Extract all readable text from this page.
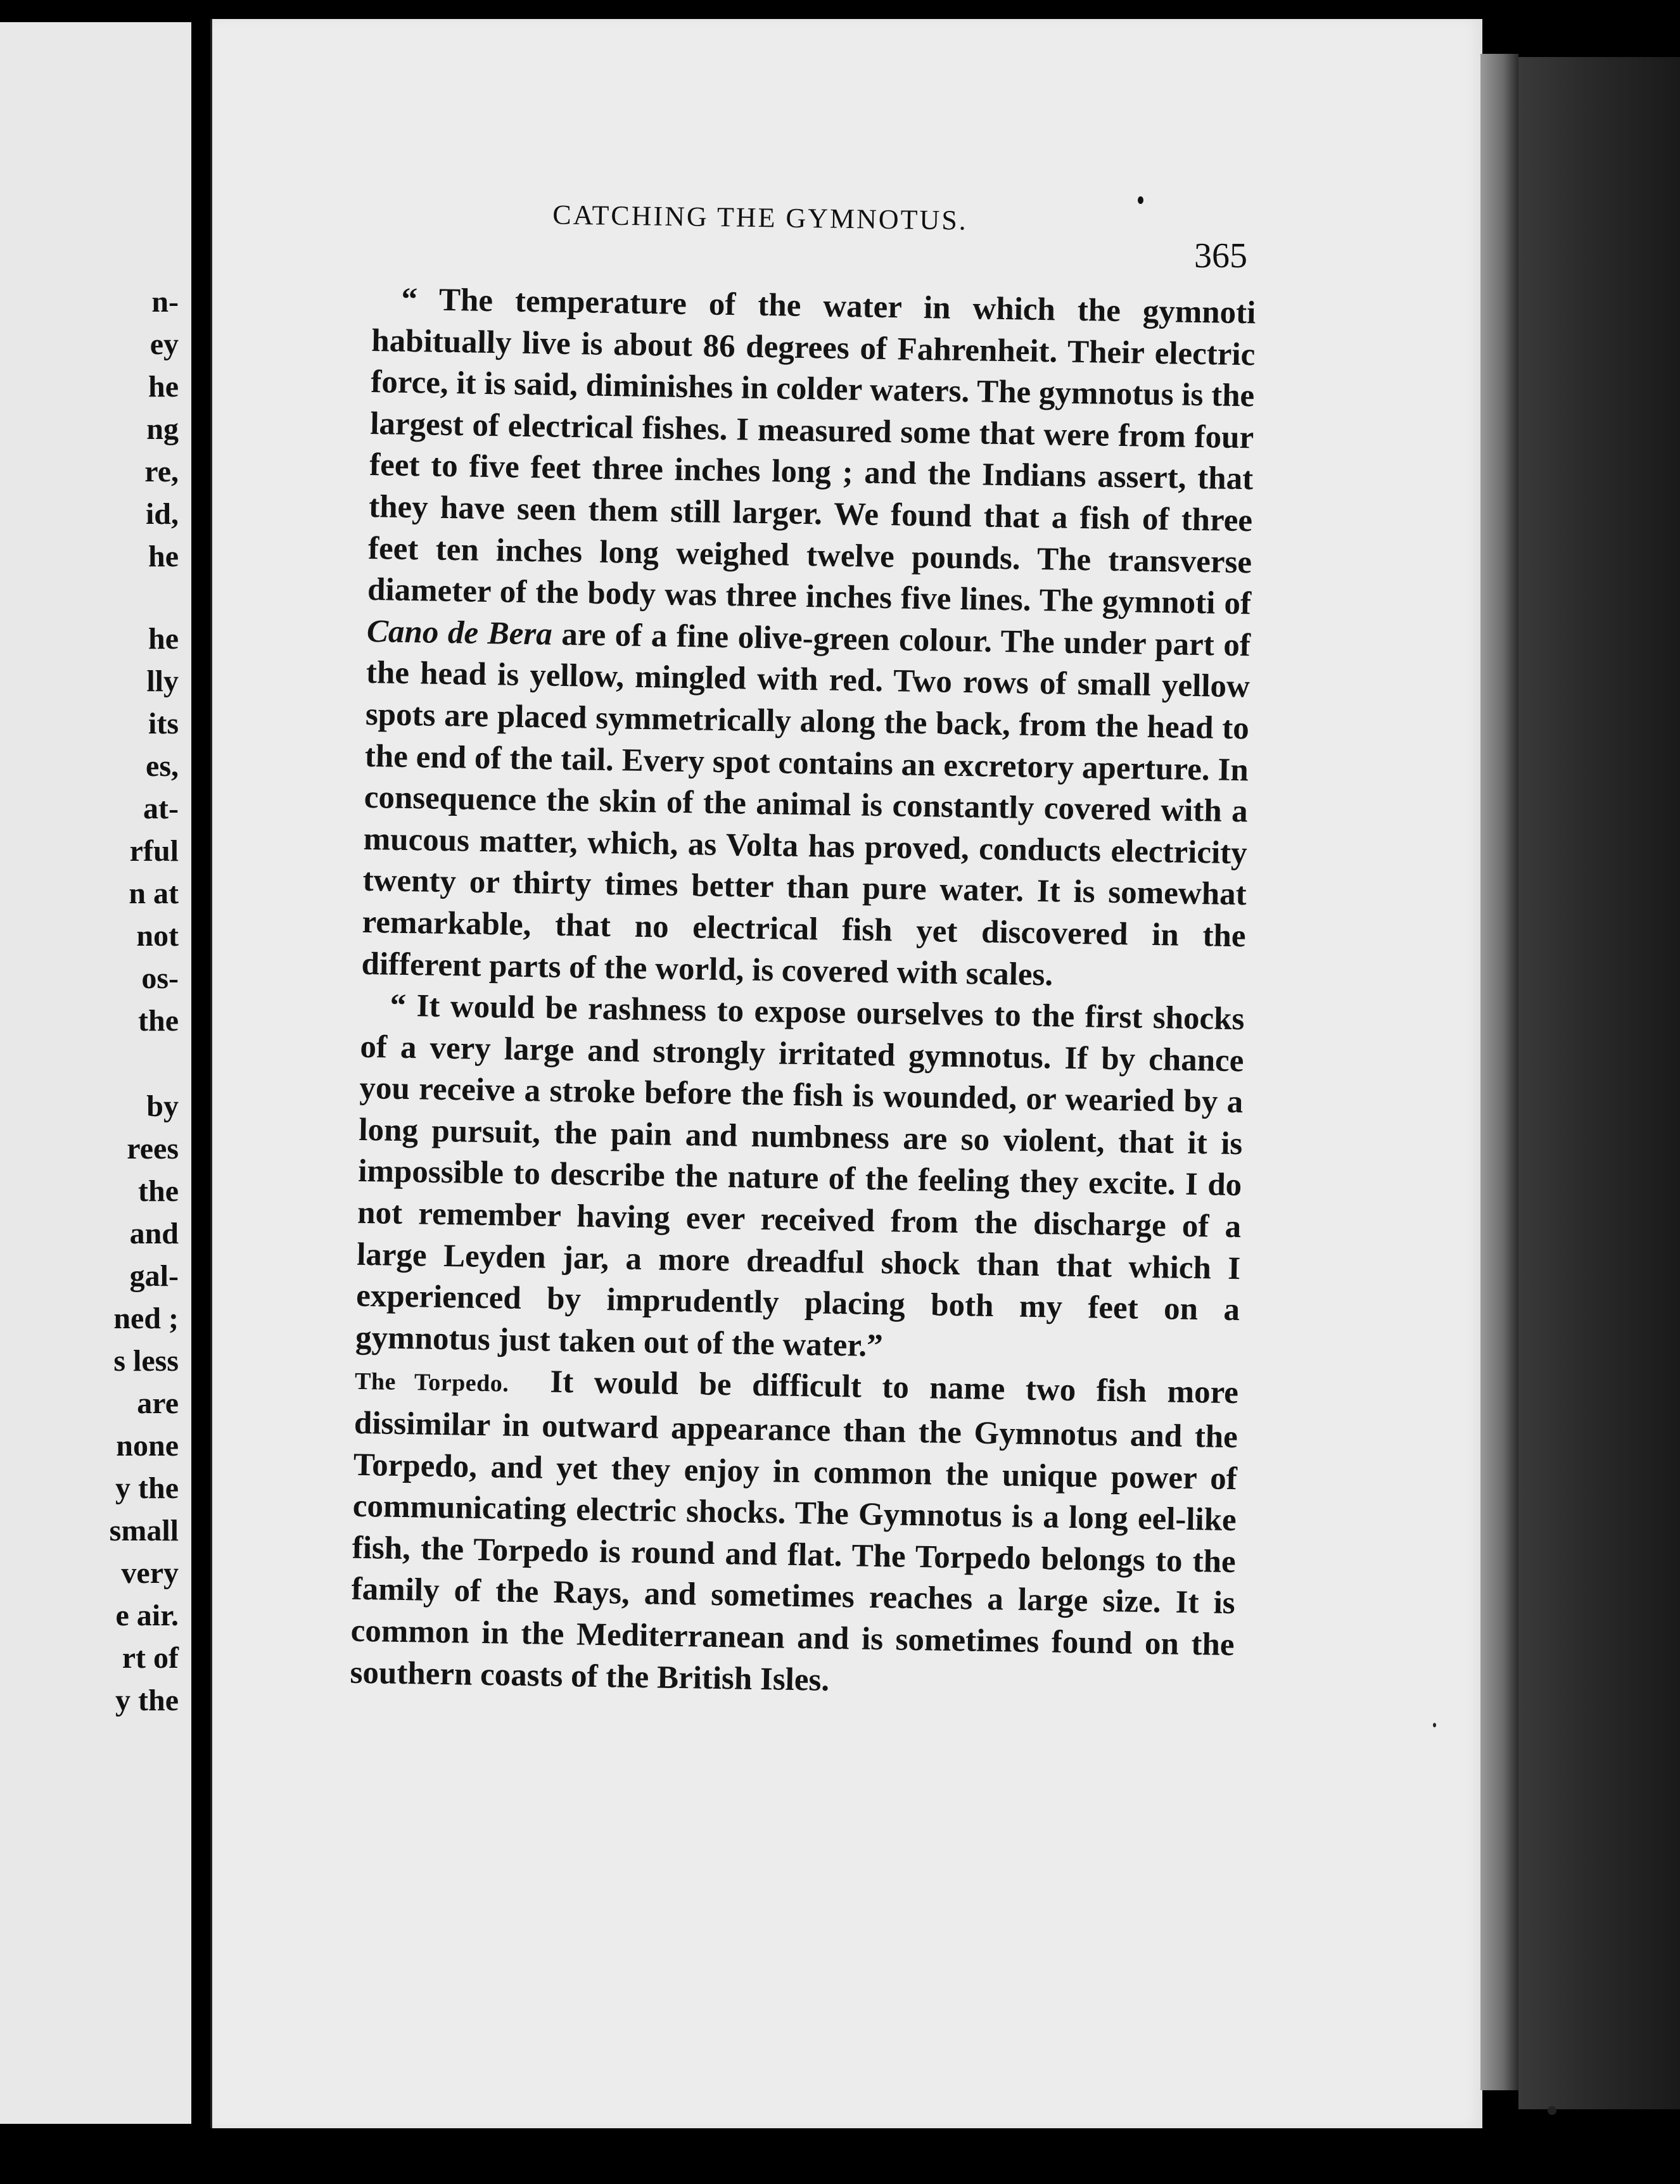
n-
ey
he
ng
re,
id,
he
he
lly
its
es,
at-
rful
n at
not
os-
the
by
rees
the
and
gal-
ned ;
s less
are
none
y the
small
very
e air.
rt of
y the
CATCHING THE GYMNOTUS.
365

“ The temperature of the water in which the gymnoti habitually live is about 86 degrees of Fahrenheit. Their electric force, it is said, diminishes in colder waters. The gymnotus is the largest of electrical fishes. I measured some that were from four feet to five feet three inches long ; and the Indians assert, that they have seen them still larger. We found that a fish of three feet ten inches long weighed twelve pounds. The transverse diameter of the body was three inches five lines. The gymnoti of Cano de Bera are of a fine olive-green colour. The under part of the head is yellow, mingled with red. Two rows of small yellow spots are placed symmetrically along the back, from the head to the end of the tail. Every spot contains an excretory aperture. In consequence the skin of the animal is constantly covered with a mucous matter, which, as Volta has proved, conducts electricity twenty or thirty times better than pure water. It is somewhat remarkable, that no electrical fish yet discovered in the different parts of the world, is covered with scales.

“ It would be rashness to expose ourselves to the first shocks of a very large and strongly irritated gymnotus. If by chance you receive a stroke before the fish is wounded, or wearied by a long pursuit, the pain and numbness are so violent, that it is impossible to describe the nature of the feeling they excite. I do not remember having ever received from the discharge of a large Leyden jar, a more dreadful shock than that which I experienced by imprudently placing both my feet on a gymnotus just taken out of the water.”

The Torpedo. It would be difficult to name two fish more dissimilar in outward appearance than the Gymnotus and the Torpedo, and yet they enjoy in common the unique power of communicating electric shocks. The Gymnotus is a long eel-like fish, the Torpedo is round and flat. The Torpedo belongs to the family of the Rays, and sometimes reaches a large size. It is common in the Mediterranean and is sometimes found on the southern coasts of the British Isles.
